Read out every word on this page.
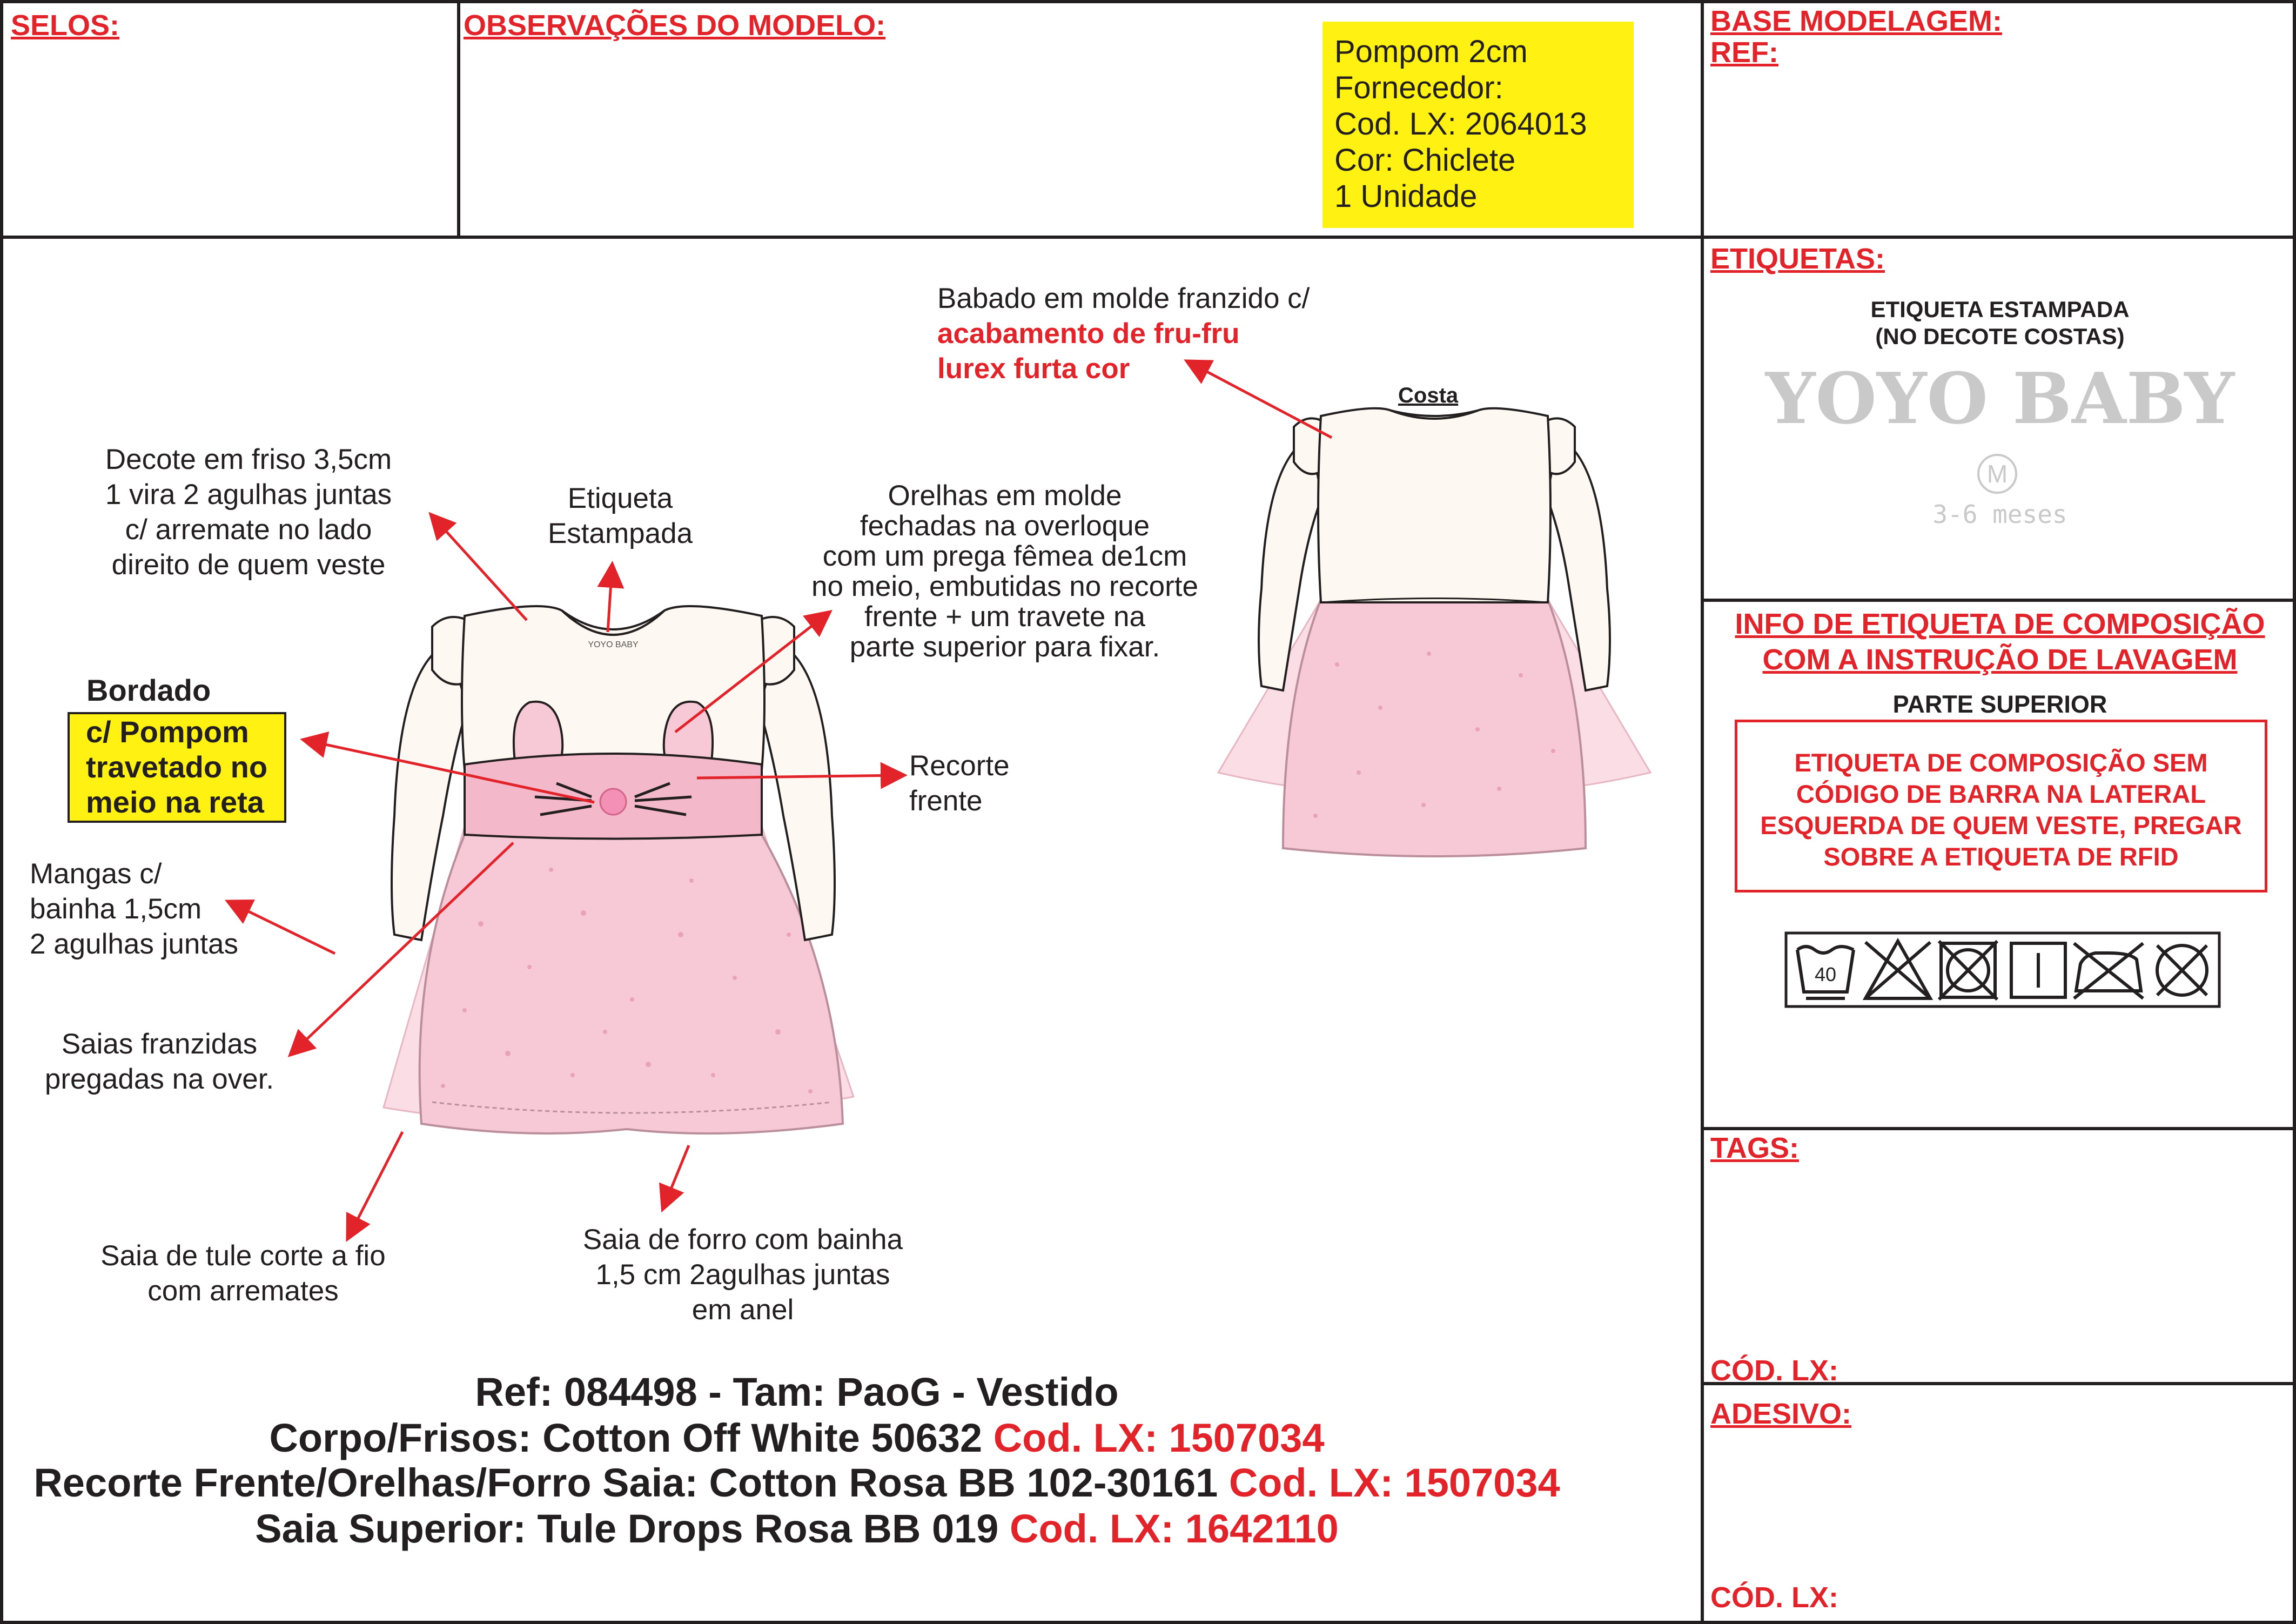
SELOS:	OBSERVAÇÕES DO MODELO:	BASE MODELAGEM:
REF:
ETIQUETAS:
TAGS:
CÓD. LX:
ADESIVO:
CÓD. LX:
Pompom 2cm
Fornecedor:
Cod. LX: 2064013
Cor: Chiclete
1 Unidade
ETIQUETA ESTAMPADA
(NO DECOTE COSTAS)
YOYO BABY
M
3-6 meses
INFO DE ETIQUETA DE COMPOSIÇÃO
COM A INSTRUÇÃO DE LAVAGEM
PARTE SUPERIOR
ETIQUETA DE COMPOSIÇÃO SEM
CÓDIGO DE BARRA NA LATERAL
ESQUERDA DE QUEM VESTE, PREGAR
SOBRE A ETIQUETA DE RFID
40
YOYO BABY
Costa
Decote em friso 3,5cm
1 vira 2 agulhas juntas
c/ arremate no lado
direito de quem veste
Etiqueta
Estampada
Orelhas em molde
fechadas na overloque
com um prega fêmea de1cm
no meio, embutidas no recorte
frente + um travete na
parte superior para fixar.
Babado em molde franzido c/
acabamento de fru-fru
lurex furta cor
Bordado
c/ Pompom
travetado no
meio na reta
Recorte
frente
Mangas c/
bainha 1,5cm
2 agulhas juntas
Saias franzidas
pregadas na over.
Saia de tule corte a fio
com arremates
Saia de forro com bainha
1,5 cm 2agulhas juntas
em anel
Ref: 084498 - Tam: PaoG - Vestido
Corpo/Frisos: Cotton Off White 50632 Cod. LX: 1507034
Recorte Frente/Orelhas/Forro Saia: Cotton Rosa BB 102-30161 Cod. LX: 1507034
Saia Superior: Tule Drops Rosa BB 019 Cod. LX: 1642110
